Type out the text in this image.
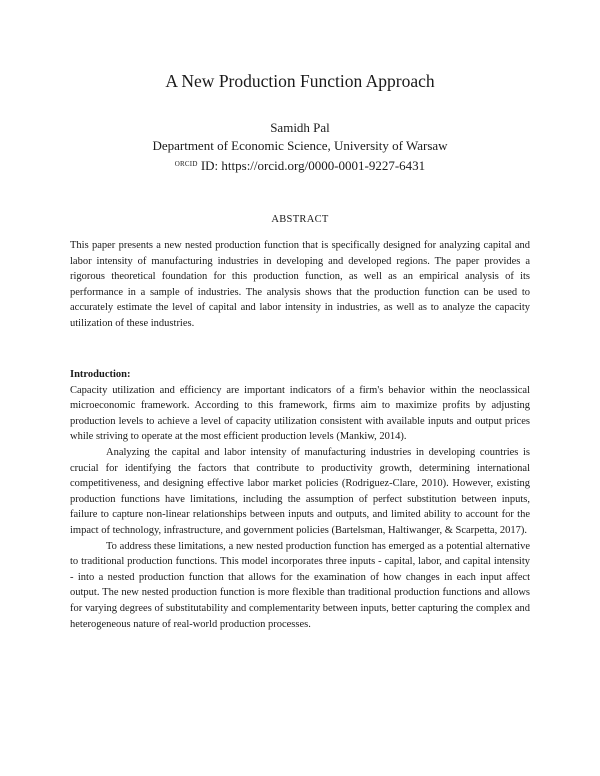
A New Production Function Approach
Samidh Pal
Department of Economic Science, University of Warsaw
$^{ORCID}$ ID: https://orcid.org/0000-0001-9227-6431
ABSTRACT

This paper presents a new nested production function that is specifically designed for analyzing capital and labor intensity of manufacturing industries in developing and developed regions. The paper provides a rigorous theoretical foundation for this production function, as well as an empirical analysis of its performance in a sample of industries. The analysis shows that the production function can be used to accurately estimate the level of capital and labor intensity in industries, as well as to analyze the capacity utilization of these industries.

Introduction:

Capacity utilization and efficiency are important indicators of a firm's behavior within the neoclassical microeconomic framework. According to this framework, firms aim to maximize profits by adjusting production levels to achieve a level of capacity utilization consistent with available inputs and output prices while striving to operate at the most efficient production levels (Mankiw, 2014).

Analyzing the capital and labor intensity of manufacturing industries in developing countries is crucial for identifying the factors that contribute to productivity growth, determining international competitiveness, and designing effective labor market policies (Rodriguez-Clare, 2010). However, existing production functions have limitations, including the assumption of perfect substitution between inputs, failure to capture non-linear relationships between inputs and outputs, and limited ability to account for the impact of technology, infrastructure, and government policies (Bartelsman, Haltiwanger, & Scarpetta, 2017).

To address these limitations, a new nested production function has emerged as a potential alternative to traditional production functions. This model incorporates three inputs - capital, labor, and capital intensity - into a nested production function that allows for the examination of how changes in each input affect output. The new nested production function is more flexible than traditional production functions and allows for varying degrees of substitutability and complementarity between inputs, better capturing the complex and heterogeneous nature of real-world production processes.
